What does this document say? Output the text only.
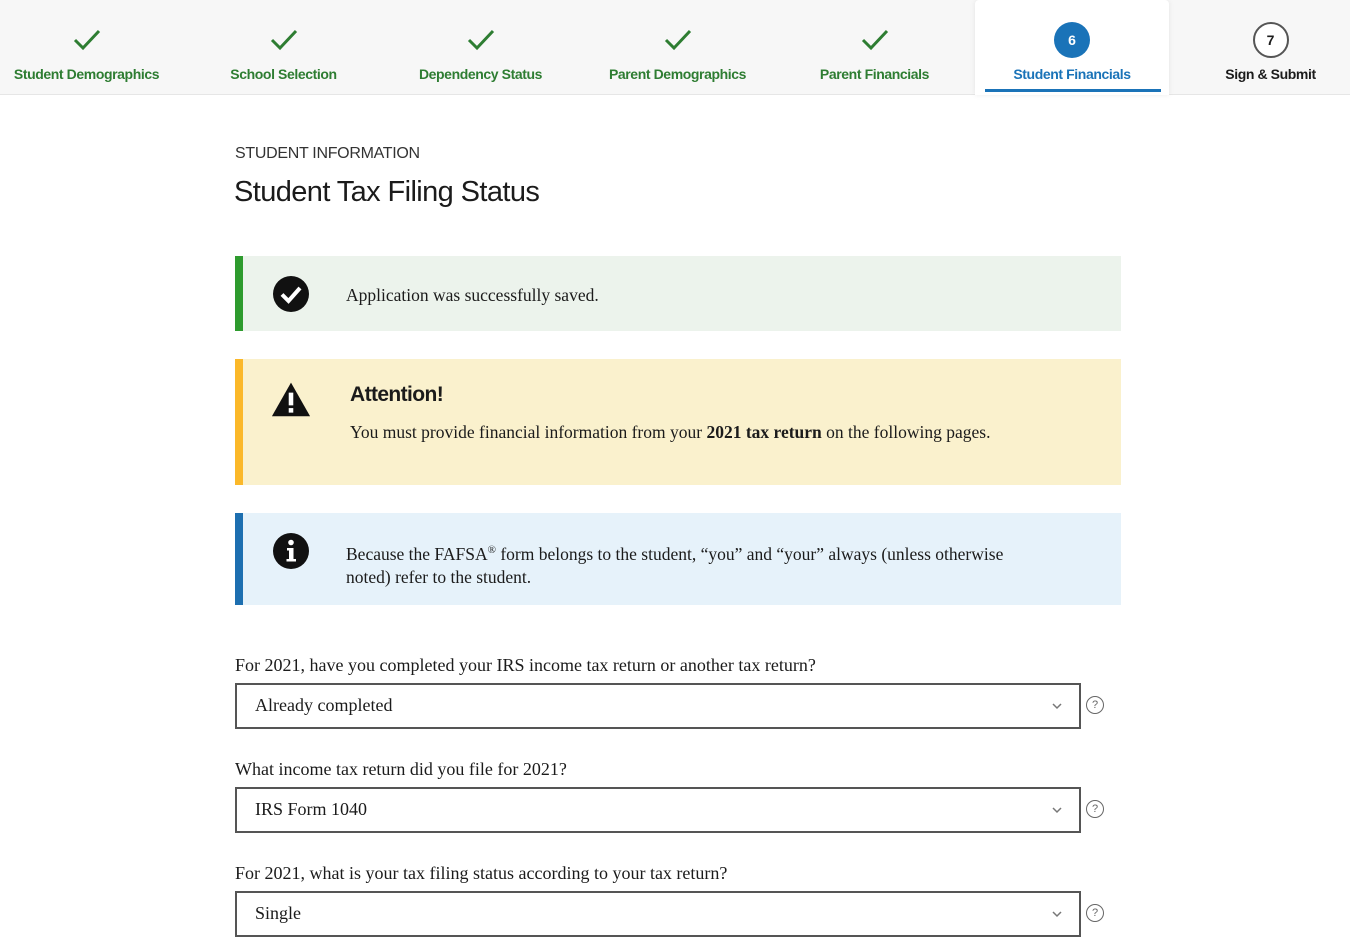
Student Demographics	School Selection	Dependency Status	Parent Demographics	Parent Financials
6
Student Financials
7
Sign & Submit
STUDENT INFORMATION
Student Tax Filing Status
Application was successfully saved.
Attention!
You must provide financial information from your 2021 tax return on the following pages.
Because the FAFSA® form belongs to the student, “you” and “your” always (unless otherwise noted) refer to the student.
For 2021, have you completed your IRS income tax return or another tax return?
Already completed	?
What income tax return did you file for 2021?
IRS Form 1040	?
For 2021, what is your tax filing status according to your tax return?
Single	?
